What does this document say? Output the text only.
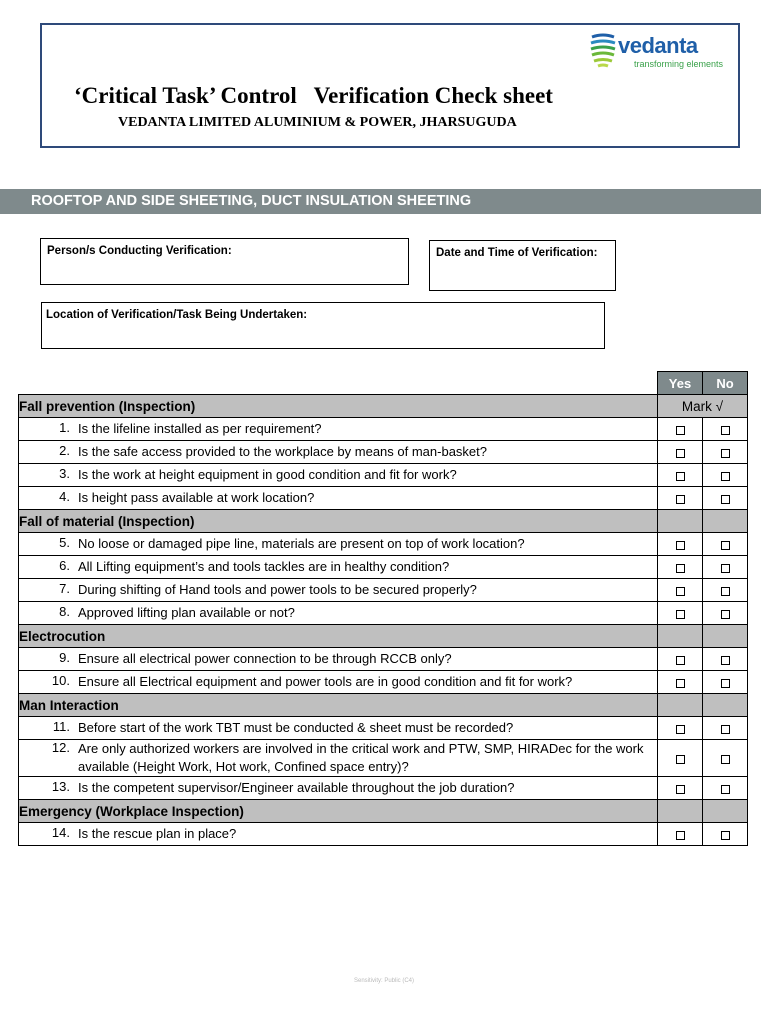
vedanta
transforming elements
‘Critical Task’ Control   Verification Check sheet
VEDANTA LIMITED ALUMINIUM & POWER, JHARSUGUDA
ROOFTOP AND SIDE SHEETING, DUCT INSULATION SHEETING
Person/s Conducting Verification:	Date and Time of Verification:
Location of Verification/Task Being Undertaken:
	Yes	No
Fall prevention (Inspection)	Mark √	

1. Is the lifeline installed as per requirement?		

2. Is the safe access provided to the workplace by means of man-basket?		

3. Is the work at height equipment in good condition and fit for work?		

4. Is height pass available at work location?		

Fall of material (Inspection)		

5. No loose or damaged pipe line, materials are present on top of work location?		

6. All Lifting equipment’s and tools tackles are in healthy condition?		

7. During shifting of Hand tools and power tools to be secured properly?		

8. Approved lifting plan available or not?		

Electrocution		

9. Ensure all electrical power connection to be through RCCB only?		

10. Ensure all Electrical equipment and power tools are in good condition and fit for work?		

Man Interaction		

11. Before start of the work TBT must be conducted & sheet must be recorded?		

12. Are only authorized workers are involved in the critical work and PTW, SMP, HIRADec for the work available (Height Work, Hot work, Confined space entry)?		

13. Is the competent supervisor/Engineer available throughout the job duration?		

Emergency (Workplace Inspection)		

14. Is the rescue plan in place?		

Sensitivity: Public (C4)
